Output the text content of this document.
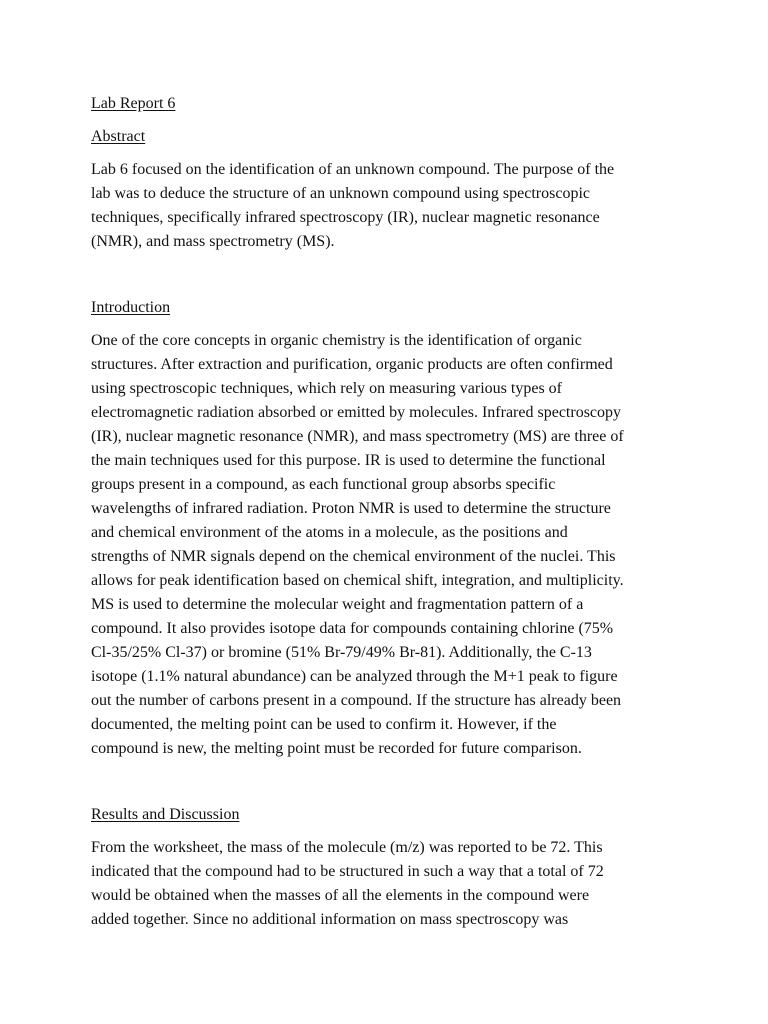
Lab Report 6
Abstract
Lab 6 focused on the identification of an unknown compound. The purpose of the
lab was to deduce the structure of an unknown compound using spectroscopic
techniques, specifically infrared spectroscopy (IR), nuclear magnetic resonance
(NMR), and mass spectrometry (MS).
Introduction
One of the core concepts in organic chemistry is the identification of organic
structures. After extraction and purification, organic products are often confirmed
using spectroscopic techniques, which rely on measuring various types of
electromagnetic radiation absorbed or emitted by molecules. Infrared spectroscopy
(IR), nuclear magnetic resonance (NMR), and mass spectrometry (MS) are three of
the main techniques used for this purpose. IR is used to determine the functional
groups present in a compound, as each functional group absorbs specific
wavelengths of infrared radiation. Proton NMR is used to determine the structure
and chemical environment of the atoms in a molecule, as the positions and
strengths of NMR signals depend on the chemical environment of the nuclei. This
allows for peak identification based on chemical shift, integration, and multiplicity.
MS is used to determine the molecular weight and fragmentation pattern of a
compound. It also provides isotope data for compounds containing chlorine (75%
Cl-35/25% Cl-37) or bromine (51% Br-79/49% Br-81). Additionally, the C-13
isotope (1.1% natural abundance) can be analyzed through the M+1 peak to figure
out the number of carbons present in a compound. If the structure has already been
documented, the melting point can be used to confirm it. However, if the
compound is new, the melting point must be recorded for future comparison.
Results and Discussion
From the worksheet, the mass of the molecule (m/z) was reported to be 72. This
indicated that the compound had to be structured in such a way that a total of 72
would be obtained when the masses of all the elements in the compound were
added together. Since no additional information on mass spectroscopy was
